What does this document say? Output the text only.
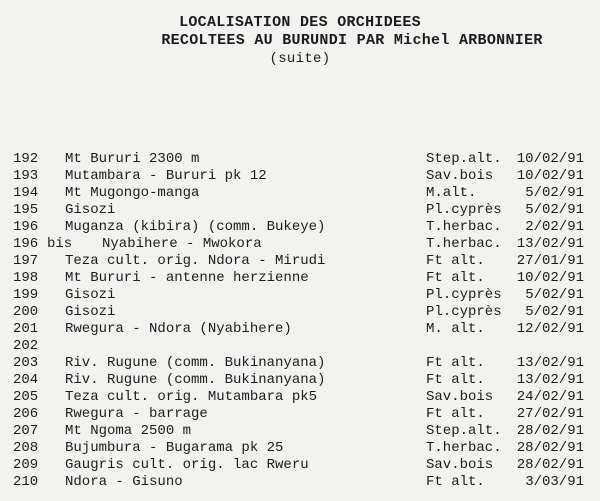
LOCALISATION DES ORCHIDEES
RECOLTEES AU BURUNDI PAR Michel ARBONNIER
(suite)
192 Mt Bururi 2300 m	Step.alt. 10/02/91
193 Mutambara - Bururi pk 12	Sav.bois 10/02/91
194 Mt Mugongo-manga	M.alt.	5/02/91
195 Gisozi	Pl.cyprès 5/02/91
196 Muganza (kibira) (comm. Bukeye)	T.herbac. 2/02/91
196 bis Nyabihere - Mwokora	T.herbac. 13/02/91
197 Teza cult. orig. Ndora - Mirudi	Ft alt. 27/01/91
198 Mt Bururi - antenne herzienne	Ft alt. 10/02/91
199 Gisozi	Pl.cyprès 5/02/91
200 Gisozi	Pl.cyprès 5/02/91
201 Rwegura - Ndora (Nyabihere)	M. alt. 12/02/91
202
203 Riv. Rugune (comm. Bukinanyana)	Ft alt. 13/02/91
204 Riv. Rugune (comm. Bukinanyana)	Ft alt. 13/02/91
205 Teza cult. orig. Mutambara pk5	Sav.bois 24/02/91
206 Rwegura - barrage	Ft alt. 27/02/91
207 Mt Ngoma 2500 m	Step.alt. 28/02/91
208 Bujumbura - Bugarama pk 25	T.herbac. 28/02/91
209 Gaugris cult. orig. lac Rweru	Sav.bois 28/02/91
210 Ndora - Gisuno	Ft alt.	3/03/91
